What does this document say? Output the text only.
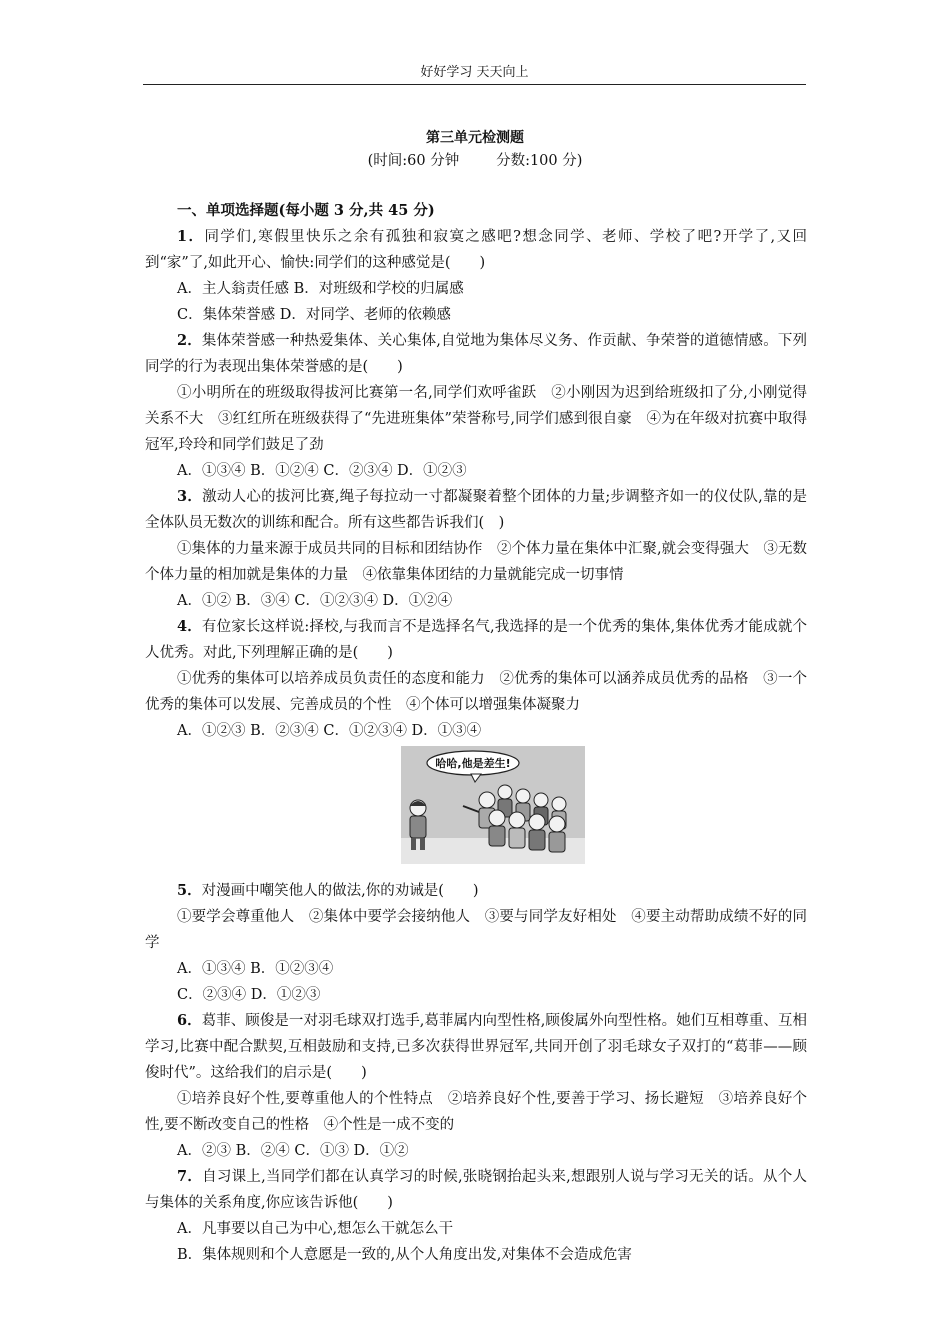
好好学习 天天向上
第三单元检测题
(时间:60 分钟        分数:100 分)

一、单项选择题(每小题 3 分,共 45 分)

1．同学们,寒假里快乐之余有孤独和寂寞之感吧?想念同学、老师、学校了吧?开学了,又回到“家”了,如此开心、愉快:同学们的这种感觉是(　　)

A．主人翁责任感 B．对班级和学校的归属感

C．集体荣誉感 D．对同学、老师的依赖感

2．集体荣誉感一种热爱集体、关心集体,自觉地为集体尽义务、作贡献、争荣誉的道德情感。下列同学的行为表现出集体荣誉感的是(　　)

①小明所在的班级取得拔河比赛第一名,同学们欢呼雀跃　②小刚因为迟到给班级扣了分,小刚觉得关系不大　③红红所在班级获得了“先进班集体”荣誉称号,同学们感到很自豪　④为在年级对抗赛中取得冠军,玲玲和同学们鼓足了劲

A．①③④ B．①②④ C．②③④ D．①②③

3．激动人心的拔河比赛,绳子每拉动一寸都凝聚着整个团体的力量;步调整齐如一的仪仗队,靠的是全体队员无数次的训练和配合。所有这些都告诉我们(　)

①集体的力量来源于成员共同的目标和团结协作　②个体力量在集体中汇聚,就会变得强大　③无数个体力量的相加就是集体的力量　④依靠集体团结的力量就能完成一切事情

A．①② B．③④ C．①②③④ D．①②④

4．有位家长这样说:择校,与我而言不是选择名气,我选择的是一个优秀的集体,集体优秀才能成就个人优秀。对此,下列理解正确的是(　　)

①优秀的集体可以培养成员负责任的态度和能力　②优秀的集体可以涵养成员优秀的品格　③一个优秀的集体可以发展、完善成员的个性　④个体可以增强集体凝聚力

A．①②③ B．②③④ C．①②③④ D．①③④

哈哈,他是差生!

5．对漫画中嘲笑他人的做法,你的劝诫是(　　)

①要学会尊重他人　②集体中要学会接纳他人　③要与同学友好相处　④要主动帮助成绩不好的同学

A．①③④ B．①②③④

C．②③④ D．①②③

6．葛菲、顾俊是一对羽毛球双打选手,葛菲属内向型性格,顾俊属外向型性格。她们互相尊重、互相学习,比赛中配合默契,互相鼓励和支持,已多次获得世界冠军,共同开创了羽毛球女子双打的“葛菲——顾俊时代”。这给我们的启示是(　　)

①培养良好个性,要尊重他人的个性特点　②培养良好个性,要善于学习、扬长避短　③培养良好个性,要不断改变自己的性格　④个性是一成不变的

A．②③ B．②④ C．①③ D．①②

7．自习课上,当同学们都在认真学习的时候,张晓钢抬起头来,想跟别人说与学习无关的话。从个人与集体的关系角度,你应该告诉他(　　)

A．凡事要以自己为中心,想怎么干就怎么干

B．集体规则和个人意愿是一致的,从个人角度出发,对集体不会造成危害
